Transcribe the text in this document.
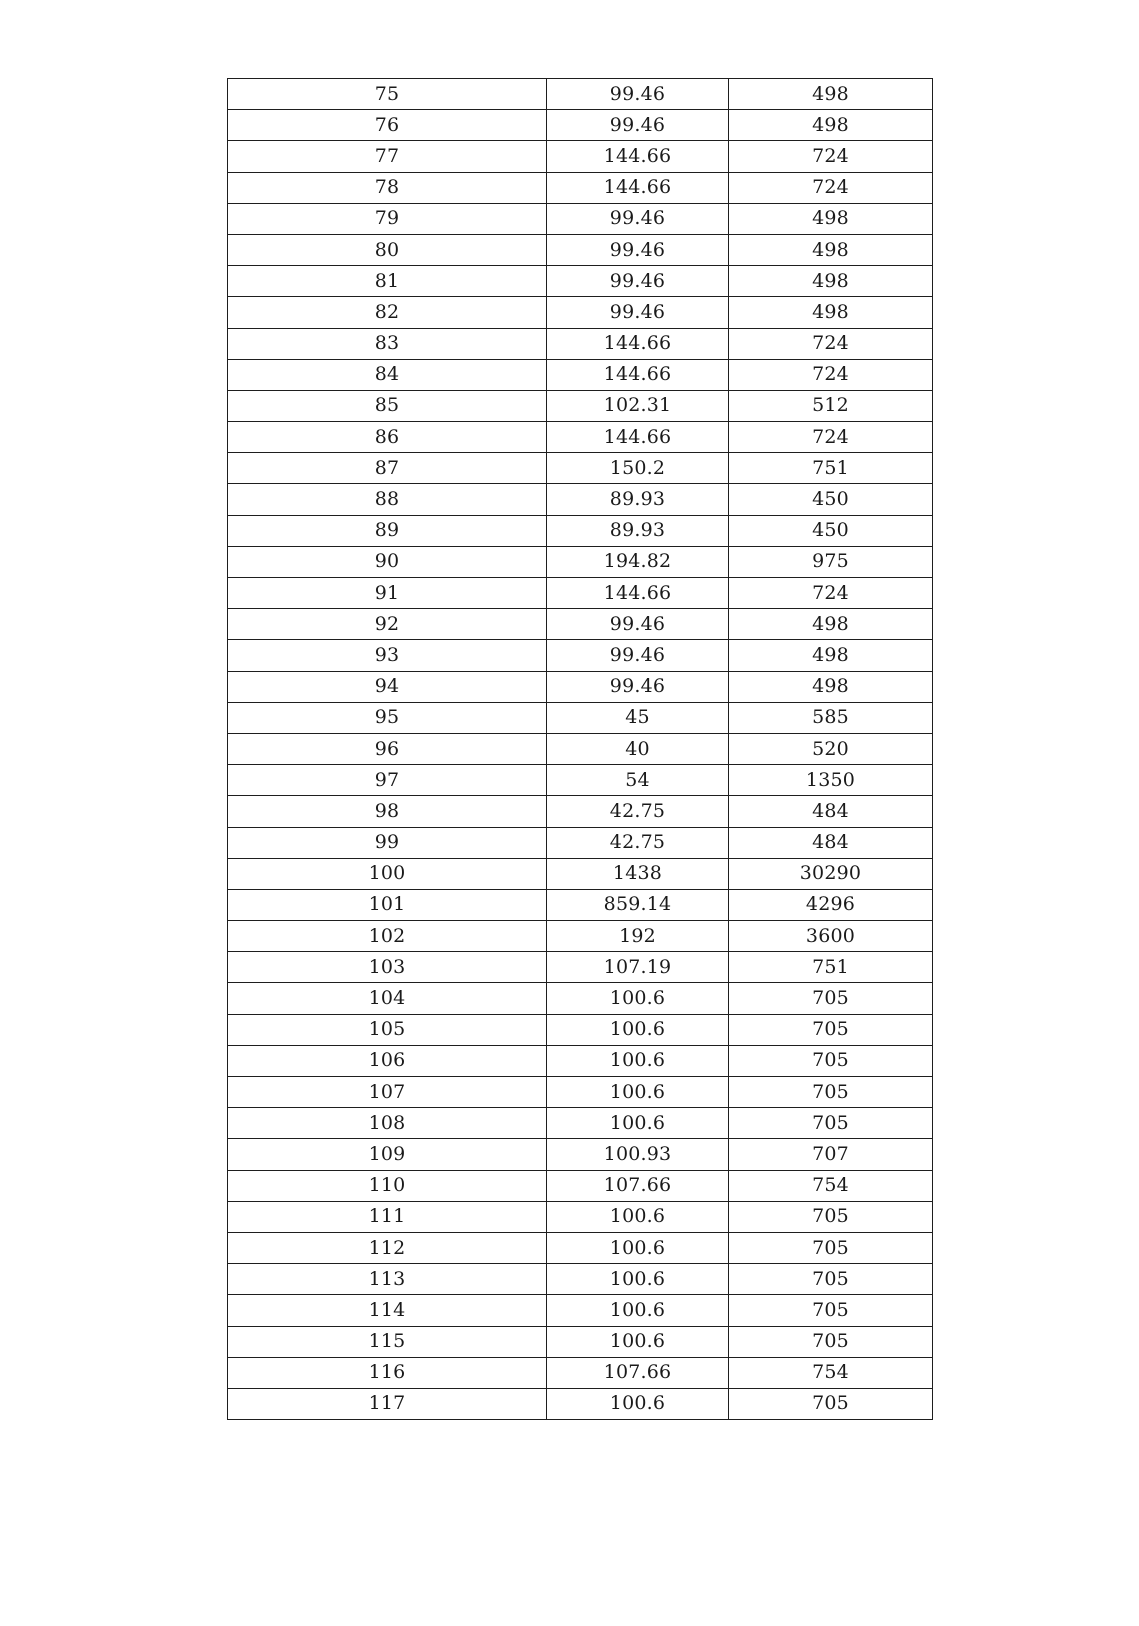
75	99.46	498
76	99.46	498
77	144.66	724
78	144.66	724
79	99.46	498
80	99.46	498
81	99.46	498
82	99.46	498
83	144.66	724
84	144.66	724
85	102.31	512
86	144.66	724
87	150.2	751
88	89.93	450
89	89.93	450
90	194.82	975
91	144.66	724
92	99.46	498
93	99.46	498
94	99.46	498
95	45	585
96	40	520
97	54	1350
98	42.75	484
99	42.75	484
100	1438	30290
101	859.14	4296
102	192	3600
103	107.19	751
104	100.6	705
105	100.6	705
106	100.6	705
107	100.6	705
108	100.6	705
109	100.93	707
110	107.66	754
111	100.6	705
112	100.6	705
113	100.6	705
114	100.6	705
115	100.6	705
116	107.66	754
117	100.6	705
